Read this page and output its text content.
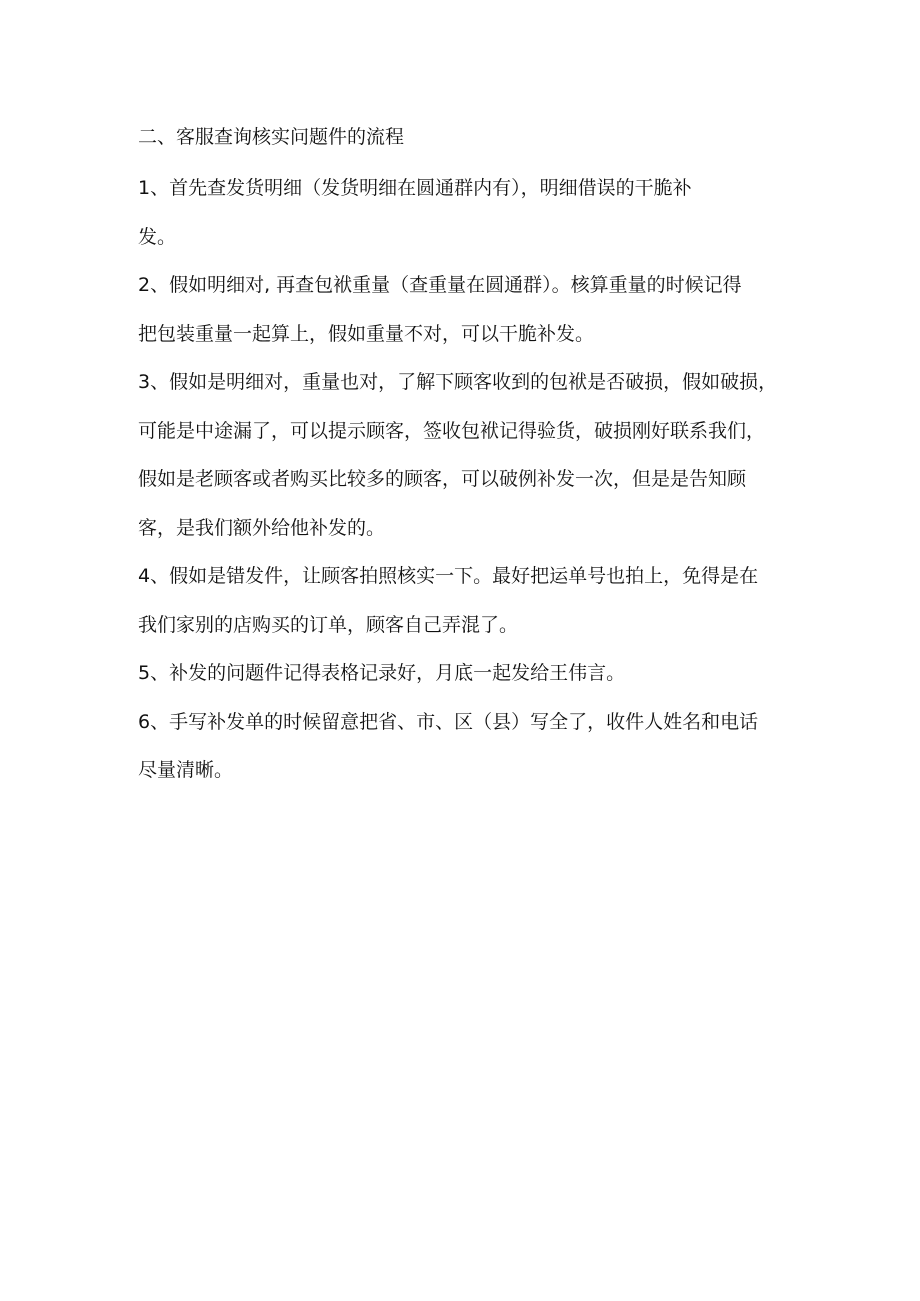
二、客服查询核实问题件的流程

1、首先查发货明细（发货明细在圆通群内有），明细借误的干脆补
发。

2、假如明细对, 再查包袱重量（查重量在圆通群）。核算重量的时候记得
把包装重量一起算上，假如重量不对，可以干脆补发。

3、假如是明细对，重量也对，了解下顾客收到的包袱是否破损，假如破损，
可能是中途漏了，可以提示顾客，签收包袱记得验货，破损刚好联系我们，
假如是老顾客或者购买比较多的顾客，可以破例补发一次，但是是告知顾
客，是我们额外给他补发的。

4、假如是错发件，让顾客拍照核实一下。最好把运单号也拍上，免得是在
我们家别的店购买的订单，顾客自己弄混了。

5、补发的问题件记得表格记录好，月底一起发给王伟言。

6、手写补发单的时候留意把省、市、区（县）写全了，收件人姓名和电话
尽量清晰。
